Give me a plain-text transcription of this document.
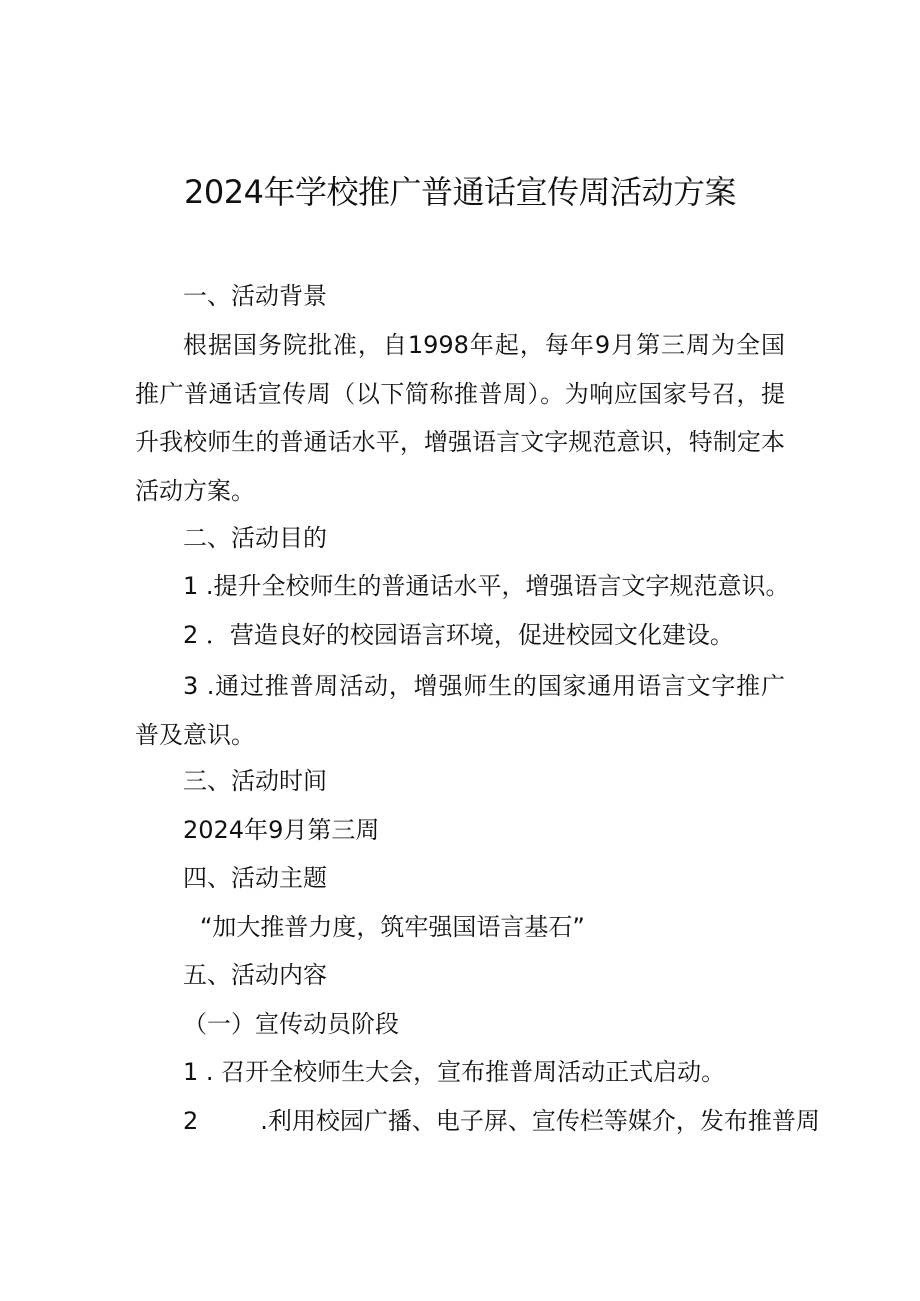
2024年学校推广普通话宣传周活动方案
一、活动背景
根据国务院批准，自1998年起，每年9月第三周为全国推广普通话宣传周（以下简称推普周）。为响应国家号召，提升我校师生的普通话水平，增强语言文字规范意识，特制定本活动方案。
二、活动目的
1 .提升全校师生的普通话水平，增强语言文字规范意识。
2 ．营造良好的校园语言环境，促进校园文化建设。
3 .通过推普周活动，增强师生的国家通用语言文字推广普及意识。
三、活动时间
2024年9月第三周
四、活动主题
“加大推普力度，筑牢强国语言基石”
五、活动内容
（一）宣传动员阶段
1 . 召开全校师生大会，宣布推普周活动正式启动。
2	.利用校园广播、电子屏、宣传栏等媒介，发布推普周
